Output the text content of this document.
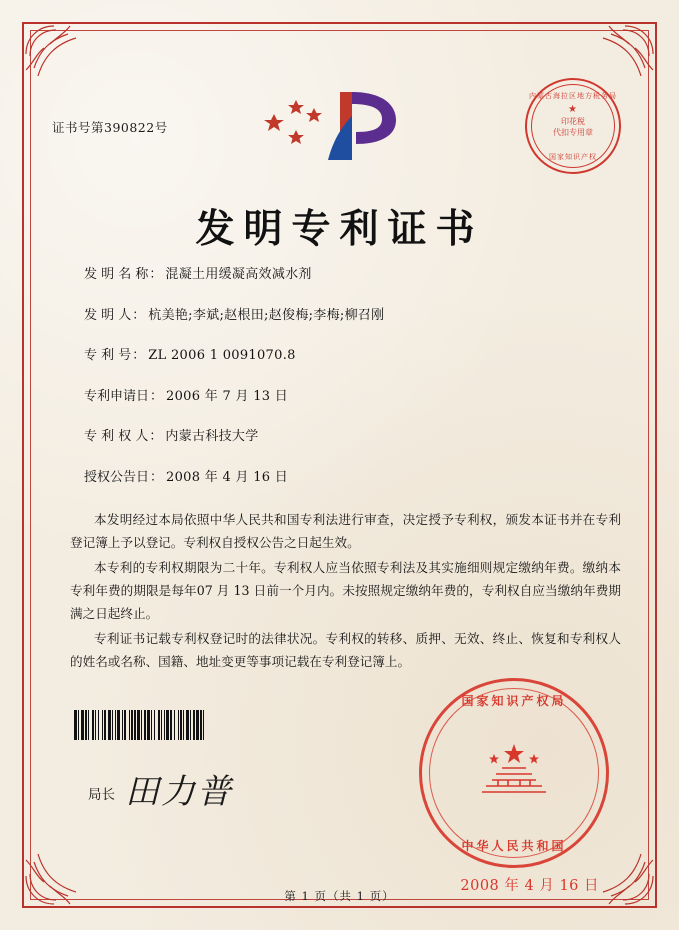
内蒙古海拉区地方税务局
★
印花税
代扣专用章
国家知识产权
证书号第390822号
发明专利证书
发 明 名 称 ： 混凝土用缓凝高效减水剂
发 明 人 ： 杭美艳;李斌;赵根田;赵俊梅;李梅;柳召刚
专 利 号 ： ZL 2006 1 0091070.8
专利申请日 ： 2006 年 7 月 13 日
专 利 权 人 ： 内蒙古科技大学
授权公告日 ： 2008 年 4 月 16 日

本发明经过本局依照中华人民共和国专利法进行审查，决定授予专利权，颁发本证书并在专利登记簿上予以登记。专利权自授权公告之日起生效。

本专利的专利权期限为二十年。专利权人应当依照专利法及其实施细则规定缴纳年费。缴纳本专利年费的期限是每年07 月 13 日前一个月内。未按照规定缴纳年费的，专利权自应当缴纳年费期满之日起终止。

专利证书记载专利权登记时的法律状况。专利权的转移、质押、无效、终止、恢复和专利权人的姓名或名称、国籍、地址变更等事项记载在专利登记簿上。

局长 田力普
国家知识产权局
中华人民共和国
2008 年 4 月 16 日
第 1 页（共 1 页）
